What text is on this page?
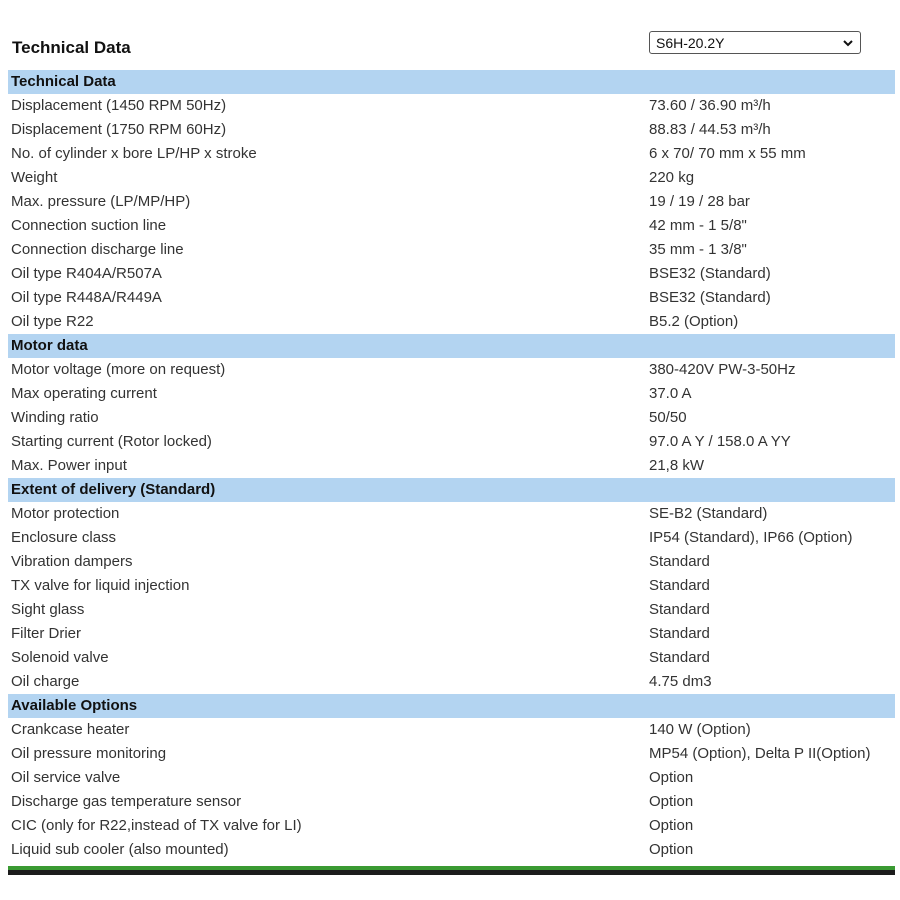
Technical Data	S6H-20.2Y
Technical Data
Displacement (1450 RPM 50Hz)	73.60 / 36.90 m³/h
Displacement (1750 RPM 60Hz)	88.83 / 44.53 m³/h
No. of cylinder x bore LP/HP x stroke	6 x 70/ 70 mm x 55 mm
Weight	220 kg
Max. pressure (LP/MP/HP)	19 / 19 / 28 bar
Connection suction line	42 mm - 1 5/8"
Connection discharge line	35 mm - 1 3/8"
Oil type R404A/R507A	BSE32 (Standard)
Oil type R448A/R449A	BSE32 (Standard)
Oil type R22	B5.2 (Option)
Motor data
Motor voltage (more on request)	380-420V PW-3-50Hz
Max operating current	37.0 A
Winding ratio	50/50
Starting current (Rotor locked)	97.0 A Y / 158.0 A YY
Max. Power input	21,8 kW
Extent of delivery (Standard)
Motor protection	SE-B2 (Standard)
Enclosure class	IP54 (Standard), IP66 (Option)
Vibration dampers	Standard
TX valve for liquid injection	Standard
Sight glass	Standard
Filter Drier	Standard
Solenoid valve	Standard
Oil charge	4.75 dm3
Available Options
Crankcase heater	140 W (Option)
Oil pressure monitoring	MP54 (Option), Delta P II(Option)
Oil service valve	Option
Discharge gas temperature sensor	Option
CIC (only for R22,instead of TX valve for LI)	Option
Liquid sub cooler (also mounted)	Option
